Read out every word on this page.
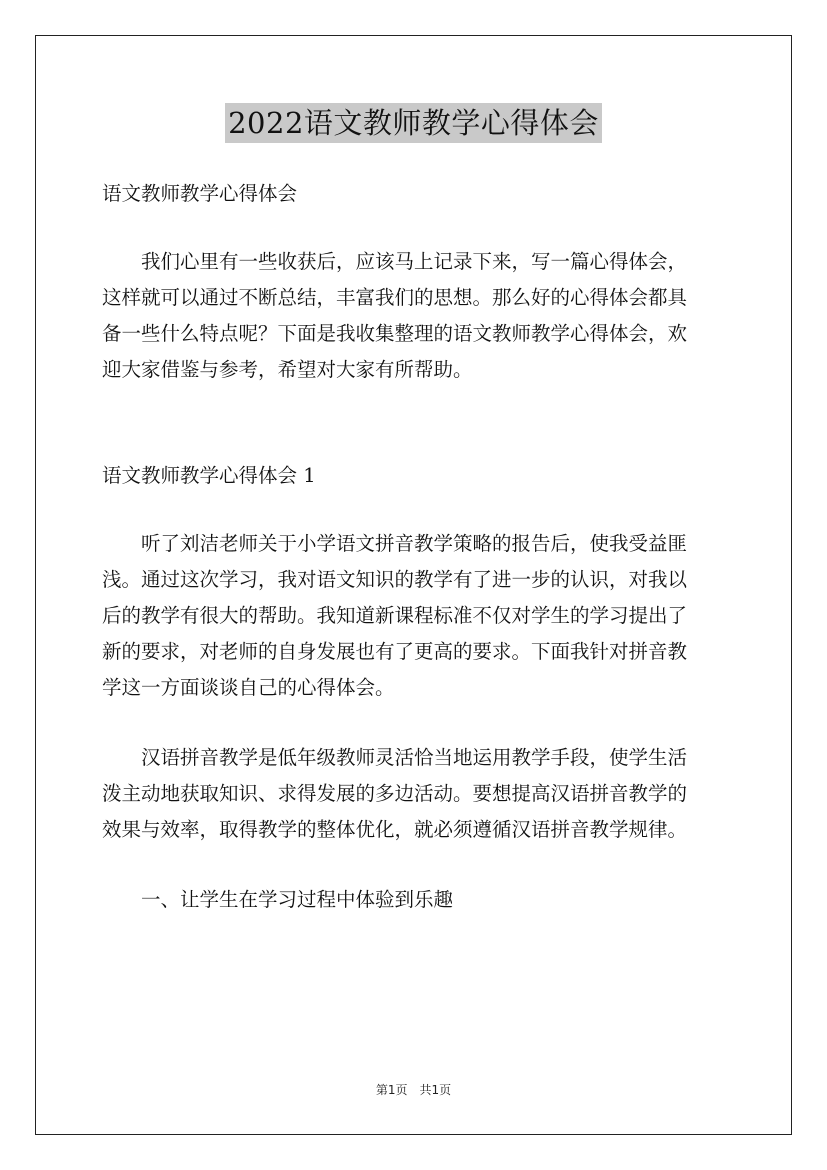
2022语文教师教学心得体会
语文教师教学心得体会
我们心里有一些收获后，应该马上记录下来，写一篇心得体会，
这样就可以通过不断总结，丰富我们的思想。那么好的心得体会都具
备一些什么特点呢？下面是我收集整理的语文教师教学心得体会，欢
迎大家借鉴与参考，希望对大家有所帮助。
语文教师教学心得体会 1
听了刘洁老师关于小学语文拼音教学策略的报告后，使我受益匪
浅。通过这次学习，我对语文知识的教学有了进一步的认识，对我以
后的教学有很大的帮助。我知道新课程标准不仅对学生的学习提出了
新的要求，对老师的自身发展也有了更高的要求。下面我针对拼音教
学这一方面谈谈自己的心得体会。
汉语拼音教学是低年级教师灵活恰当地运用教学手段，使学生活
泼主动地获取知识、求得发展的多边活动。要想提高汉语拼音教学的
效果与效率，取得教学的整体优化，就必须遵循汉语拼音教学规律。
一、让学生在学习过程中体验到乐趣
第1页　共1页
